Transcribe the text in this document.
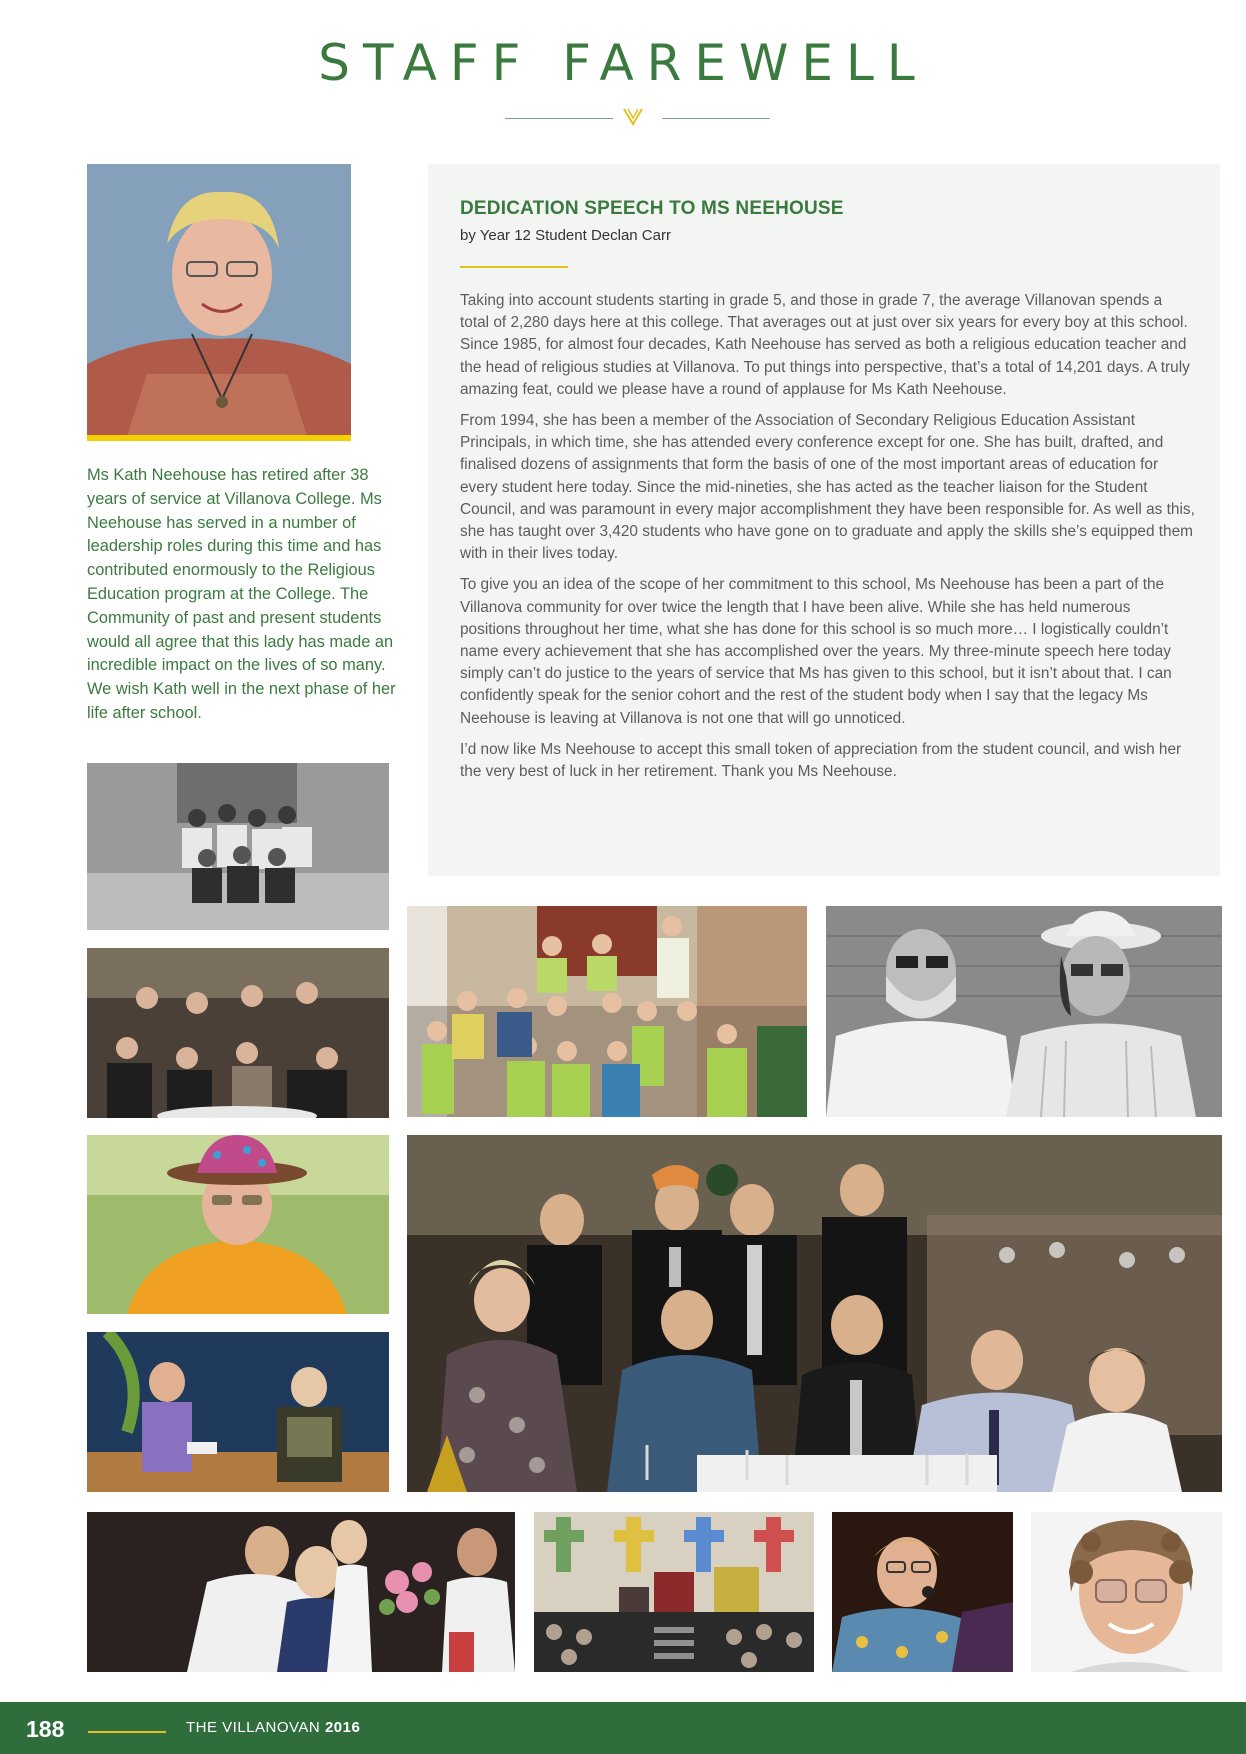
STAFF FAREWELL

Ms Kath Neehouse has retired after 38 years of service at Villanova College. Ms Neehouse has served in a number of leadership roles during this time and has contributed enormously to the Religious Education program at the College. The Community of past and present students would all agree that this lady has made an incredible impact on the lives of so many.

We wish Kath well in the next phase of her life after school.

DEDICATION SPEECH TO MS NEEHOUSE
by Year 12 Student Declan Carr

Taking into account students starting in grade 5, and those in grade 7, the average Villanovan spends a total of 2,280 days here at this college. That averages out at just over six years for every boy at this school. Since 1985, for almost four decades, Kath Neehouse has served as both a religious education teacher and the head of religious studies at Villanova. To put things into perspective, that’s a total of 14,201 days. A truly amazing feat, could we please have a round of applause for Ms Kath Neehouse.

From 1994, she has been a member of the Association of Secondary Religious Education Assistant Principals, in which time, she has attended every conference except for one. She has built, drafted, and finalised dozens of assignments that form the basis of one of the most important areas of education for every student here today. Since the mid-nineties, she has acted as the teacher liaison for the Student Council, and was paramount in every major accomplishment they have been responsible for. As well as this, she has taught over 3,420 students who have gone on to graduate and apply the skills she’s equipped them with in their lives today.

To give you an idea of the scope of her commitment to this school, Ms Neehouse has been a part of the Villanova community for over twice the length that I have been alive. While she has held numerous positions throughout her time, what she has done for this school is so much more… I logistically couldn’t name every achievement that she has accomplished over the years. My three-minute speech here today simply can’t do justice to the years of service that Ms has given to this school, but it isn’t about that. I can confidently speak for the senior cohort and the rest of the student body when I say that the legacy Ms Neehouse is leaving at Villanova is not one that will go unnoticed.

I’d now like Ms Neehouse to accept this small token of appreciation from the student council, and wish her the very best of luck in her retirement. Thank you Ms Neehouse.

188	THE VILLANOVAN 2016
